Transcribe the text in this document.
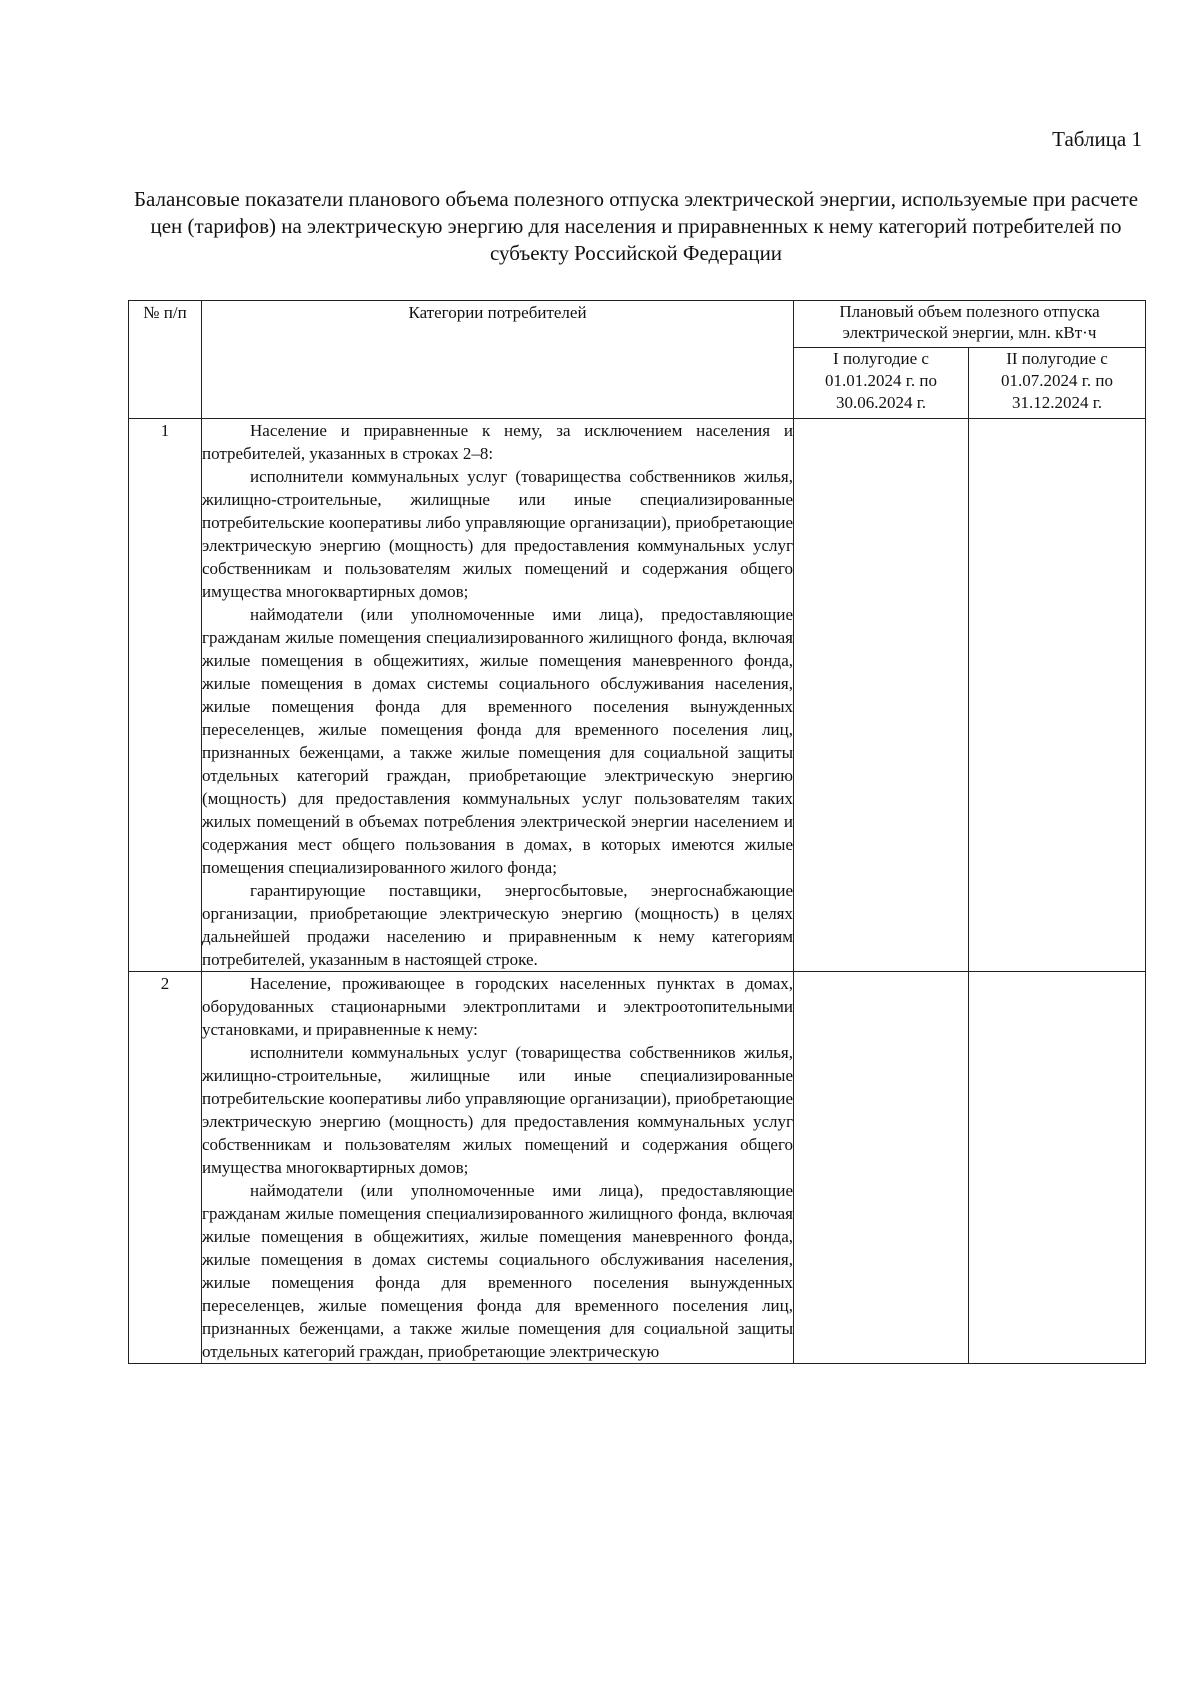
Таблица 1
Балансовые показатели планового объема полезного отпуска электрической энергии, используемые при расчете цен (тарифов) на электрическую энергию для населения и приравненных к нему категорий потребителей по субъекту Российской Федерации
№ п/п	Категории потребителей	Плановый объем полезного отпуска электрической энергии, млн. кВт·ч	
		I полугодие с 01.01.2024 г. по 30.06.2024 г.	II полугодие с 01.07.2024 г. по 31.12.2024 г.
1	Население и приравненные к нему, за исключением населения и потребителей, указанных в строках 2–8:

исполнители коммунальных услуг (товарищества собственников жилья, жилищно-строительные, жилищные или иные специализированные потребительские кооперативы либо управляющие организации), приобретающие электрическую энергию (мощность) для предоставления коммунальных услуг собственникам и пользователям жилых помещений и содержания общего имущества многоквартирных домов;

наймодатели (или уполномоченные ими лица), предоставляющие гражданам жилые помещения специализированного жилищного фонда, включая жилые помещения в общежитиях, жилые помещения маневренного фонда, жилые помещения в домах системы социального обслуживания населения, жилые помещения фонда для временного поселения вынужденных переселенцев, жилые помещения фонда для временного поселения лиц, признанных беженцами, а также жилые помещения для социальной защиты отдельных категорий граждан, приобретающие электрическую энергию (мощность) для предоставления коммунальных услуг пользователям таких жилых помещений в объемах потребления электрической энергии населением и содержания мест общего пользования в домах, в которых имеются жилые помещения специализированного жилого фонда;

гарантирующие поставщики, энергосбытовые, энергоснабжающие организации, приобретающие электрическую энергию (мощность) в целях дальнейшей продажи населению и приравненным к нему категориям потребителей, указанным в настоящей строке.		

2	Население, проживающее в городских населенных пунктах в домах, оборудованных стационарными электроплитами и электроотопительными установками, и приравненные к нему:

исполнители коммунальных услуг (товарищества собственников жилья, жилищно-строительные, жилищные или иные специализированные потребительские кооперативы либо управляющие организации), приобретающие электрическую энергию (мощность) для предоставления коммунальных услуг собственникам и пользователям жилых помещений и содержания общего имущества многоквартирных домов;

наймодатели (или уполномоченные ими лица), предоставляющие гражданам жилые помещения специализированного жилищного фонда, включая жилые помещения в общежитиях, жилые помещения маневренного фонда, жилые помещения в домах системы социального обслуживания населения, жилые помещения фонда для временного поселения вынужденных переселенцев, жилые помещения фонда для временного поселения лиц, признанных беженцами, а также жилые помещения для социальной защиты отдельных категорий граждан, приобретающие электрическую		
